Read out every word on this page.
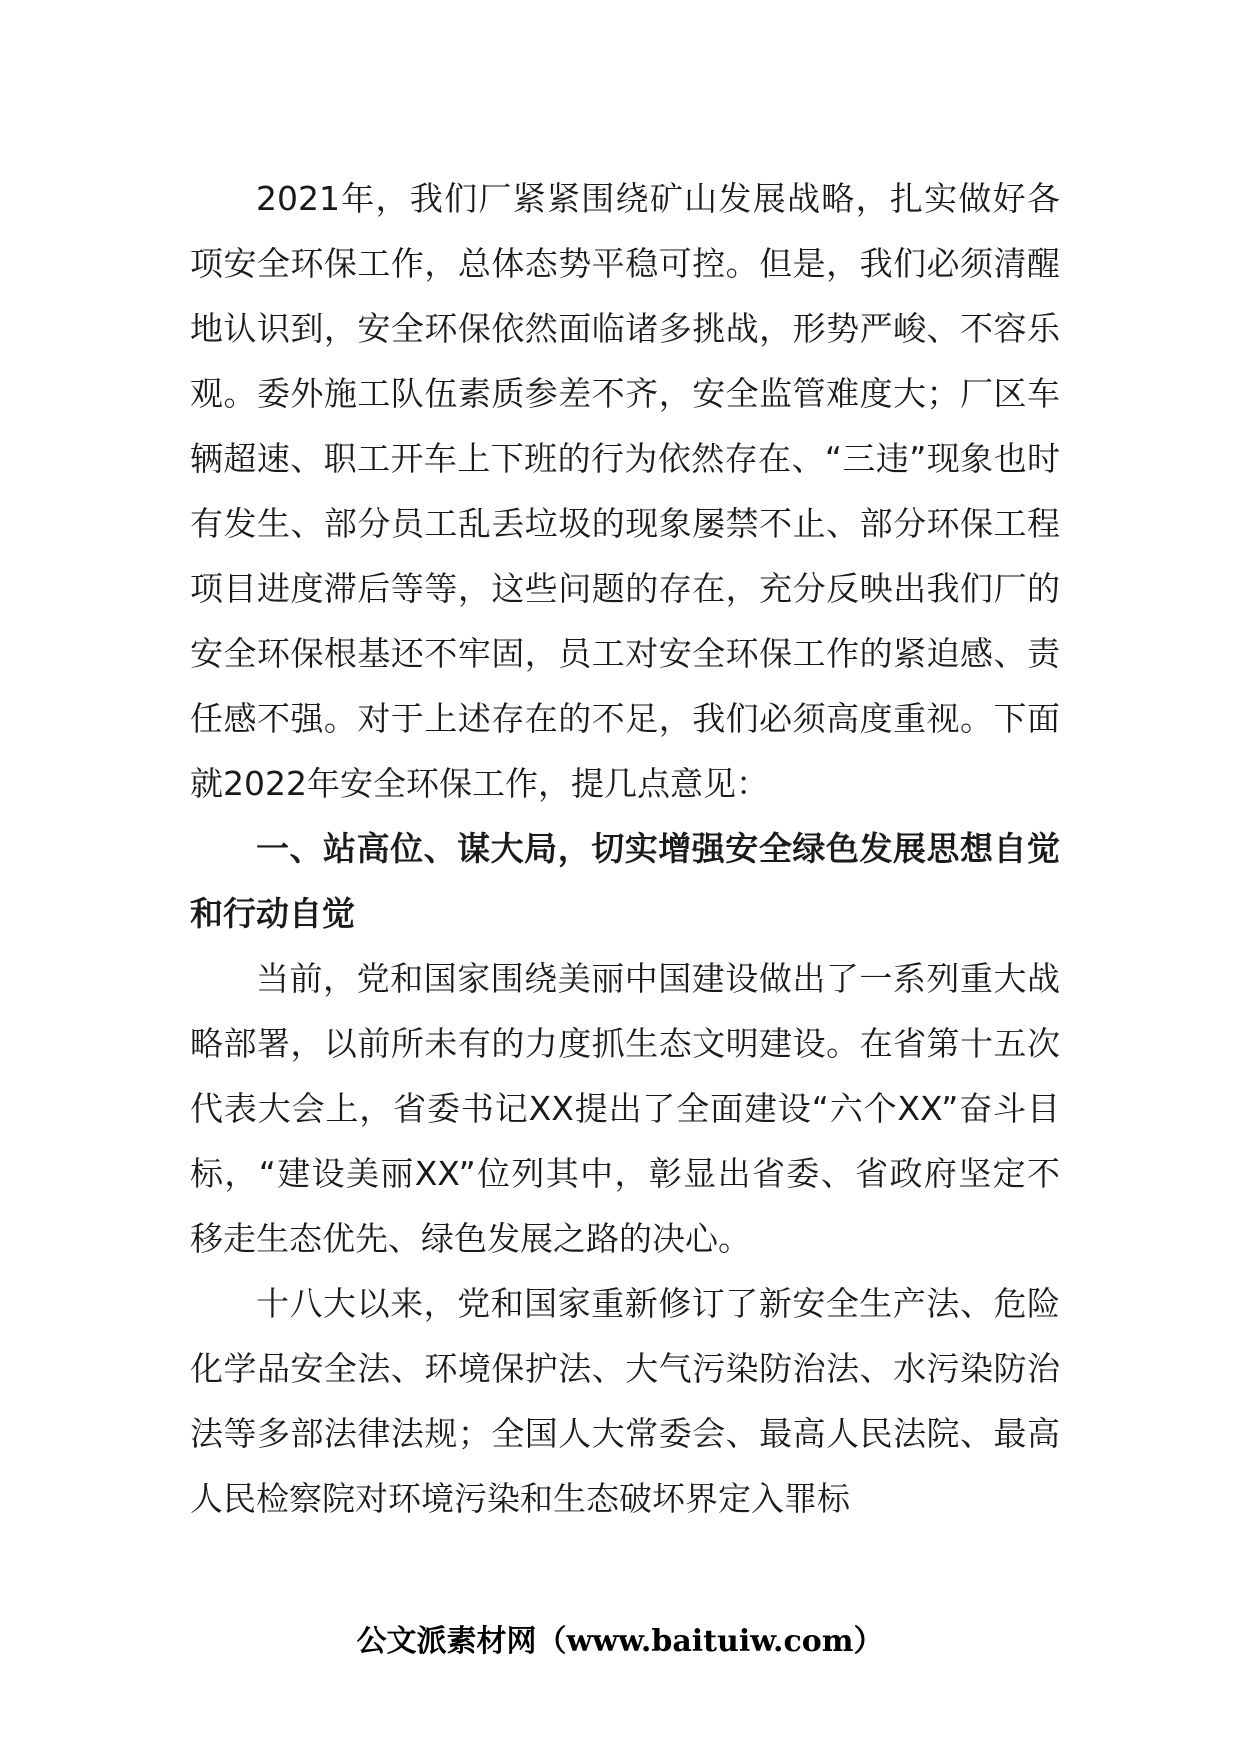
2021年，我们厂紧紧围绕矿山发展战略，扎实做好各项安全环保工作，总体态势平稳可控。但是，我们必须清醒地认识到，安全环保依然面临诸多挑战，形势严峻、不容乐观。委外施工队伍素质参差不齐，安全监管难度大；厂区车辆超速、职工开车上下班的行为依然存在、“三违”现象也时有发生、部分员工乱丢垃圾的现象屡禁不止、部分环保工程项目进度滞后等等，这些问题的存在，充分反映出我们厂的安全环保根基还不牢固，员工对安全环保工作的紧迫感、责任感不强。对于上述存在的不足，我们必须高度重视。下面就2022年安全环保工作，提几点意见：

一、站高位、谋大局，切实增强安全绿色发展思想自觉和行动自觉

当前，党和国家围绕美丽中国建设做出了一系列重大战略部署，以前所未有的力度抓生态文明建设。在省第十五次代表大会上，省委书记XX提出了全面建设“六个XX”奋斗目标，“建设美丽XX”位列其中，彰显出省委、省政府坚定不移走生态优先、绿色发展之路的决心。

十八大以来，党和国家重新修订了新安全生产法、危险化学品安全法、环境保护法、大气污染防治法、水污染防治法等多部法律法规；全国人大常委会、最高人民法院、最高人民检察院对环境污染和生态破坏界定入罪标

公文派素材网（www.baituiw.com）
